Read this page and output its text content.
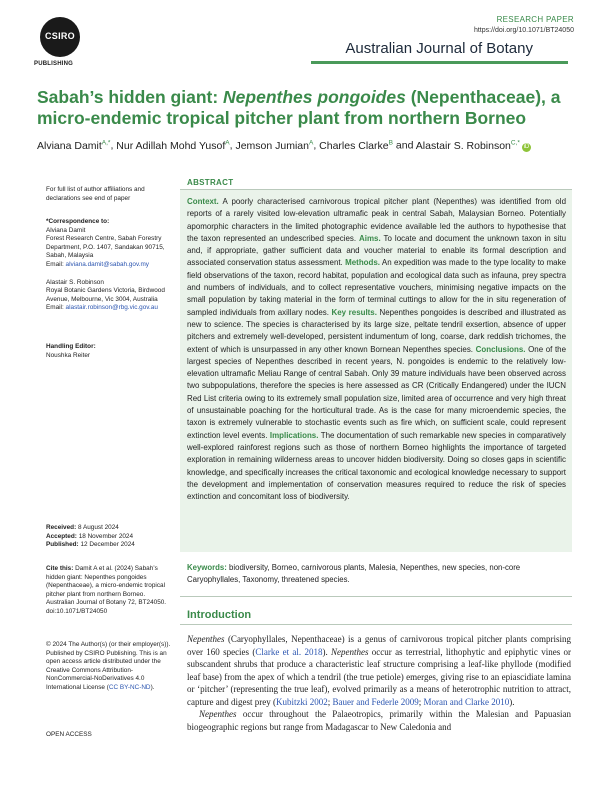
CSIRO
PUBLISHING
RESEARCH PAPER
https://doi.org/10.1071/BT24050
Australian Journal of Botany
Sabah’s hidden giant: Nepenthes pongoides (Nepenthaceae), a micro-endemic tropical pitcher plant from northern Borneo
Alviana Damit$^{A,*}$, Nur Adillah Mohd Yusof$^A$, Jemson Jumian$^A$, Charles Clarke$^B$ and Alastair S. Robinson$^{C,*}$iD
For full list of author affiliations and declarations see end of paper
*Correspondence to:
Alviana Damit
Forest Research Centre, Sabah Forestry Department, P.O. 1407, Sandakan 90715, Sabah, Malaysia
Email: alviana.damit@sabah.gov.my
Alastair S. Robinson
Royal Botanic Gardens Victoria, Birdwood Avenue, Melbourne, Vic 3004, Australia
Email: alastair.robinson@rbg.vic.gov.au
Handling Editor:
Noushka Reiter
Received: 8 August 2024
Accepted: 18 November 2024
Published: 12 December 2024
Cite this: Damit A et al. (2024) Sabah’s hidden giant: Nepenthes pongoides (Nepenthaceae), a micro-endemic tropical pitcher plant from northern Borneo. Australian Journal of Botany 72, BT24050. doi:10.1071/BT24050
© 2024 The Author(s) (or their employer(s)). Published by CSIRO Publishing. This is an open access article distributed under the Creative Commons Attribution-NonCommercial-NoDerivatives 4.0 International License (CC BY-NC-ND).
OPEN ACCESS
ABSTRACT
Context. A poorly characterised carnivorous tropical pitcher plant (Nepenthes) was identified from old reports of a rarely visited low-elevation ultramafic peak in central Sabah, Malaysian Borneo. Potentially apomorphic characters in the limited photographic evidence available led the authors to hypothesise that the taxon represented an undescribed species. Aims. To locate and document the unknown taxon in situ and, if appropriate, gather sufficient data and voucher material to enable its formal description and associated conservation status assessment. Methods. An expedition was made to the type locality to make field observations of the taxon, record habitat, population and ecological data such as infauna, prey spectra and numbers of individuals, and to collect representative vouchers, minimising negative impacts on the small population by taking material in the form of terminal cuttings to allow for the in situ regeneration of sampled individuals from axillary nodes. Key results. Nepenthes pongoides is described and illustrated as new to science. The species is characterised by its large size, peltate tendril exsertion, absence of upper pitchers and extremely well-developed, persistent indumentum of long, coarse, dark reddish trichomes, the extent of which is unsurpassed in any other known Bornean Nepenthes species. Conclusions. One of the largest species of Nepenthes described in recent years, N. pongoides is endemic to the relatively low-elevation ultramafic Meliau Range of central Sabah. Only 39 mature individuals have been observed across two subpopulations, therefore the species is here assessed as CR (Critically Endangered) under the IUCN Red List criteria owing to its extremely small population size, limited area of occurrence and very high threat of unsustainable poaching for the horticultural trade. As is the case for many microendemic species, the taxon is extremely vulnerable to stochastic events such as fire which, on sufficient scale, could represent extinction level events. Implications. The documentation of such remarkable new species in comparatively well-explored rainforest regions such as those of northern Borneo highlights the importance of targeted exploration in remaining wilderness areas to uncover hidden biodiversity. Doing so closes gaps in scientific knowledge, and specifically increases the critical taxonomic and ecological knowledge necessary to support the development and implementation of conservation measures required to reduce the risk of species extinction and concomitant loss of biodiversity.
Keywords: biodiversity, Borneo, carnivorous plants, Malesia, Nepenthes, new species, non-core Caryophyllales, Taxonomy, threatened species.
Introduction
Nepenthes (Caryophyllales, Nepenthaceae) is a genus of carnivorous tropical pitcher plants comprising over 160 species (Clarke et al. 2018). Nepenthes occur as terrestrial, lithophytic and epiphytic vines or subscandent shrubs that produce a characteristic leaf structure comprising a leaf-like phyllode (modified leaf base) from the apex of which a tendril (the true petiole) emerges, giving rise to an epiascidiate lamina or ‘pitcher’ (representing the true leaf), evolved primarily as a means of heterotrophic nutrition to attract, capture and digest prey (Kubitzki 2002; Bauer and Federle 2009; Moran and Clarke 2010).
Nepenthes occur throughout the Palaeotropics, primarily within the Malesian and Papuasian biogeographic regions but range from Madagascar to New Caledonia and
